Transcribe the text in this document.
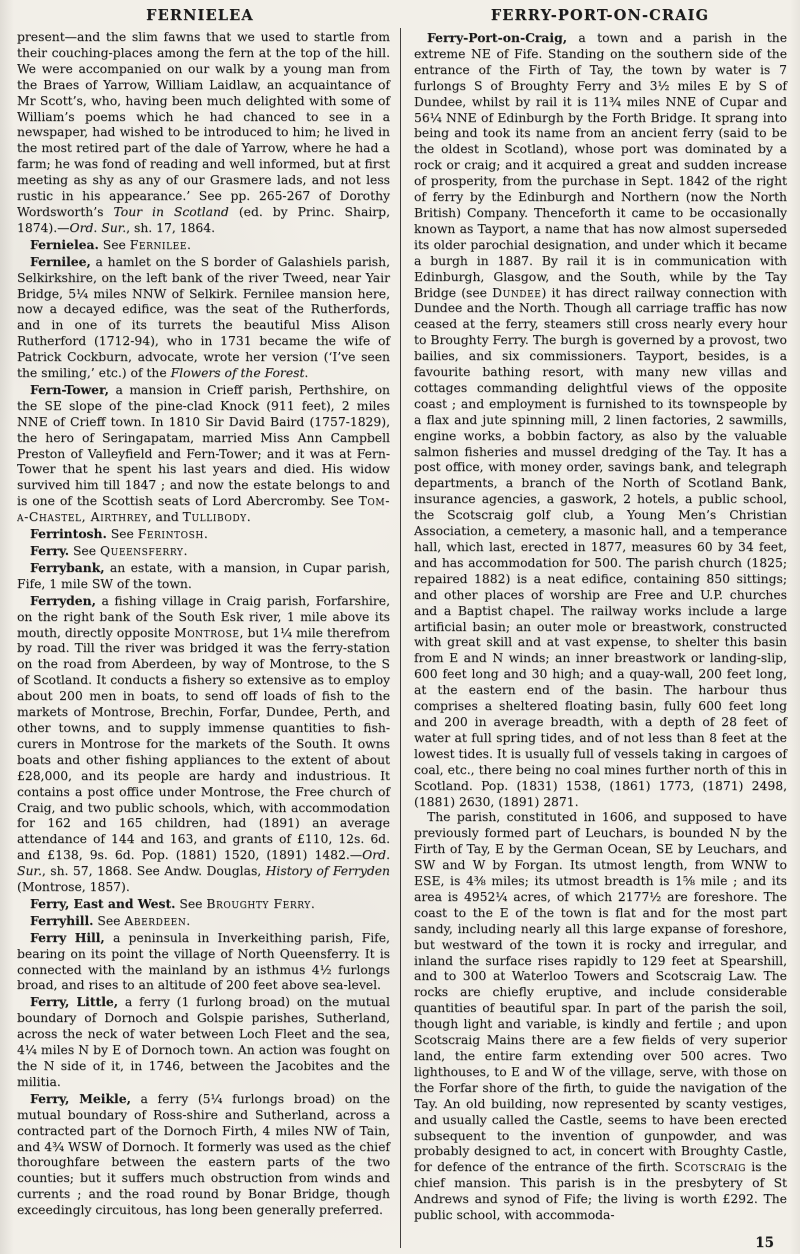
FERNIELEA	FERRY-PORT-ON-CRAIG

present—and the slim fawns that we used to startle from their couching-places among the fern at the top of the hill. We were accompanied on our walk by a young man from the Braes of Yarrow, William Laidlaw, an acquaintance of Mr Scott’s, who, having been much delighted with some of William’s poems which he had chanced to see in a newspaper, had wished to be introduced to him; he lived in the most retired part of the dale of Yarrow, where he had a farm; he was fond of reading and well informed, but at first meeting as shy as any of our Grasmere lads, and not less rustic in his appearance.’ See pp. 265-267 of Dorothy Wordsworth’s Tour in Scotland (ed. by Princ. Shairp, 1874).—Ord. Sur., sh. 17, 1864.

Fernielea. See Fernilee.

Fernilee, a hamlet on the S border of Galashiels parish, Selkirkshire, on the left bank of the river Tweed, near Yair Bridge, 5¼ miles NNW of Selkirk. Fernilee mansion here, now a decayed edifice, was the seat of the Rutherfords, and in one of its turrets the beautiful Miss Alison Rutherford (1712-94), who in 1731 became the wife of Patrick Cockburn, advocate, wrote her version (‘I’ve seen the smiling,’ etc.) of the Flowers of the Forest.

Fern-Tower, a mansion in Crieff parish, Perthshire, on the SE slope of the pine-clad Knock (911 feet), 2 miles NNE of Crieff town. In 1810 Sir David Baird (1757-1829), the hero of Seringapatam, married Miss Ann Campbell Preston of Valleyfield and Fern-Tower; and it was at Fern-Tower that he spent his last years and died. His widow survived him till 1847 ; and now the estate belongs to and is one of the Scottish seats of Lord Abercromby. See Tom-a-Chastel, Airthrey, and Tullibody.

Ferrintosh. See Ferintosh.

Ferry. See Queensferry.

Ferrybank, an estate, with a mansion, in Cupar parish, Fife, 1 mile SW of the town.

Ferryden, a fishing village in Craig parish, Forfarshire, on the right bank of the South Esk river, 1 mile above its mouth, directly opposite Montrose, but 1¼ mile therefrom by road. Till the river was bridged it was the ferry-station on the road from Aberdeen, by way of Montrose, to the S of Scotland. It conducts a fishery so extensive as to employ about 200 men in boats, to send off loads of fish to the markets of Montrose, Brechin, Forfar, Dundee, Perth, and other towns, and to supply immense quantities to fish-curers in Montrose for the markets of the South. It owns boats and other fishing appliances to the extent of about £28,000, and its people are hardy and industrious. It contains a post office under Montrose, the Free church of Craig, and two public schools, which, with accommodation for 162 and 165 children, had (1891) an average attendance of 144 and 163, and grants of £110, 12s. 6d. and £138, 9s. 6d. Pop. (1881) 1520, (1891) 1482.—Ord. Sur., sh. 57, 1868. See Andw. Douglas, History of Ferryden (Montrose, 1857).

Ferry, East and West. See Broughty Ferry.

Ferryhill. See Aberdeen.

Ferry Hill, a peninsula in Inverkeithing parish, Fife, bearing on its point the village of North Queensferry. It is connected with the mainland by an isthmus 4½ furlongs broad, and rises to an altitude of 200 feet above sea-level.

Ferry, Little, a ferry (1 furlong broad) on the mutual boundary of Dornoch and Golspie parishes, Sutherland, across the neck of water between Loch Fleet and the sea, 4¼ miles N by E of Dornoch town. An action was fought on the N side of it, in 1746, between the Jacobites and the militia.

Ferry, Meikle, a ferry (5¼ furlongs broad) on the mutual boundary of Ross-shire and Sutherland, across a contracted part of the Dornoch Firth, 4 miles NW of Tain, and 4¾ WSW of Dornoch. It formerly was used as the chief thoroughfare between the eastern parts of the two counties; but it suffers much obstruction from winds and currents ; and the road round by Bonar Bridge, though exceedingly circuitous, has long been generally preferred.

Ferry-Port-on-Craig, a town and a parish in the extreme NE of Fife. Standing on the southern side of the entrance of the Firth of Tay, the town by water is 7 furlongs S of Broughty Ferry and 3½ miles E by S of Dundee, whilst by rail it is 11¾ miles NNE of Cupar and 56¼ NNE of Edinburgh by the Forth Bridge. It sprang into being and took its name from an ancient ferry (said to be the oldest in Scotland), whose port was dominated by a rock or craig; and it acquired a great and sudden increase of prosperity, from the purchase in Sept. 1842 of the right of ferry by the Edinburgh and Northern (now the North British) Company. Thenceforth it came to be occasionally known as Tayport, a name that has now almost superseded its older parochial designation, and under which it became a burgh in 1887. By rail it is in communication with Edinburgh, Glasgow, and the South, while by the Tay Bridge (see Dundee) it has direct railway connection with Dundee and the North. Though all carriage traffic has now ceased at the ferry, steamers still cross nearly every hour to Broughty Ferry. The burgh is governed by a provost, two bailies, and six commissioners. Tayport, besides, is a favourite bathing resort, with many new villas and cottages commanding delightful views of the opposite coast ; and employment is furnished to its townspeople by a flax and jute spinning mill, 2 linen factories, 2 sawmills, engine works, a bobbin factory, as also by the valuable salmon fisheries and mussel dredging of the Tay. It has a post office, with money order, savings bank, and telegraph departments, a branch of the North of Scotland Bank, insurance agencies, a gaswork, 2 hotels, a public school, the Scotscraig golf club, a Young Men’s Christian Association, a cemetery, a masonic hall, and a temperance hall, which last, erected in 1877, measures 60 by 34 feet, and has accommodation for 500. The parish church (1825; repaired 1882) is a neat edifice, containing 850 sittings; and other places of worship are Free and U.P. churches and a Baptist chapel. The railway works include a large artificial basin; an outer mole or breastwork, constructed with great skill and at vast expense, to shelter this basin from E and N winds; an inner breastwork or landing-slip, 600 feet long and 30 high; and a quay-wall, 200 feet long, at the eastern end of the basin. The harbour thus comprises a sheltered floating basin, fully 600 feet long and 200 in average breadth, with a depth of 28 feet of water at full spring tides, and of not less than 8 feet at the lowest tides. It is usually full of vessels taking in cargoes of coal, etc., there being no coal mines further north of this in Scotland. Pop. (1831) 1538, (1861) 1773, (1871) 2498, (1881) 2630, (1891) 2871.

The parish, constituted in 1606, and supposed to have previously formed part of Leuchars, is bounded N by the Firth of Tay, E by the German Ocean, SE by Leuchars, and SW and W by Forgan. Its utmost length, from WNW to ESE, is 4⅜ miles; its utmost breadth is 1⅝ mile ; and its area is 4952¼ acres, of which 2177½ are foreshore. The coast to the E of the town is flat and for the most part sandy, including nearly all this large expanse of foreshore, but westward of the town it is rocky and irregular, and inland the surface rises rapidly to 129 feet at Spearshill, and to 300 at Waterloo Towers and Scotscraig Law. The rocks are chiefly eruptive, and include considerable quantities of beautiful spar. In part of the parish the soil, though light and variable, is kindly and fertile ; and upon Scotscraig Mains there are a few fields of very superior land, the entire farm extending over 500 acres. Two lighthouses, to E and W of the village, serve, with those on the Forfar shore of the firth, to guide the navigation of the Tay. An old building, now represented by scanty vestiges, and usually called the Castle, seems to have been erected subsequent to the invention of gunpowder, and was probably designed to act, in concert with Broughty Castle, for defence of the entrance of the firth. Scotscraig is the chief mansion. This parish is in the presbytery of St Andrews and synod of Fife; the living is worth £292. The public school, with accommoda-

15
